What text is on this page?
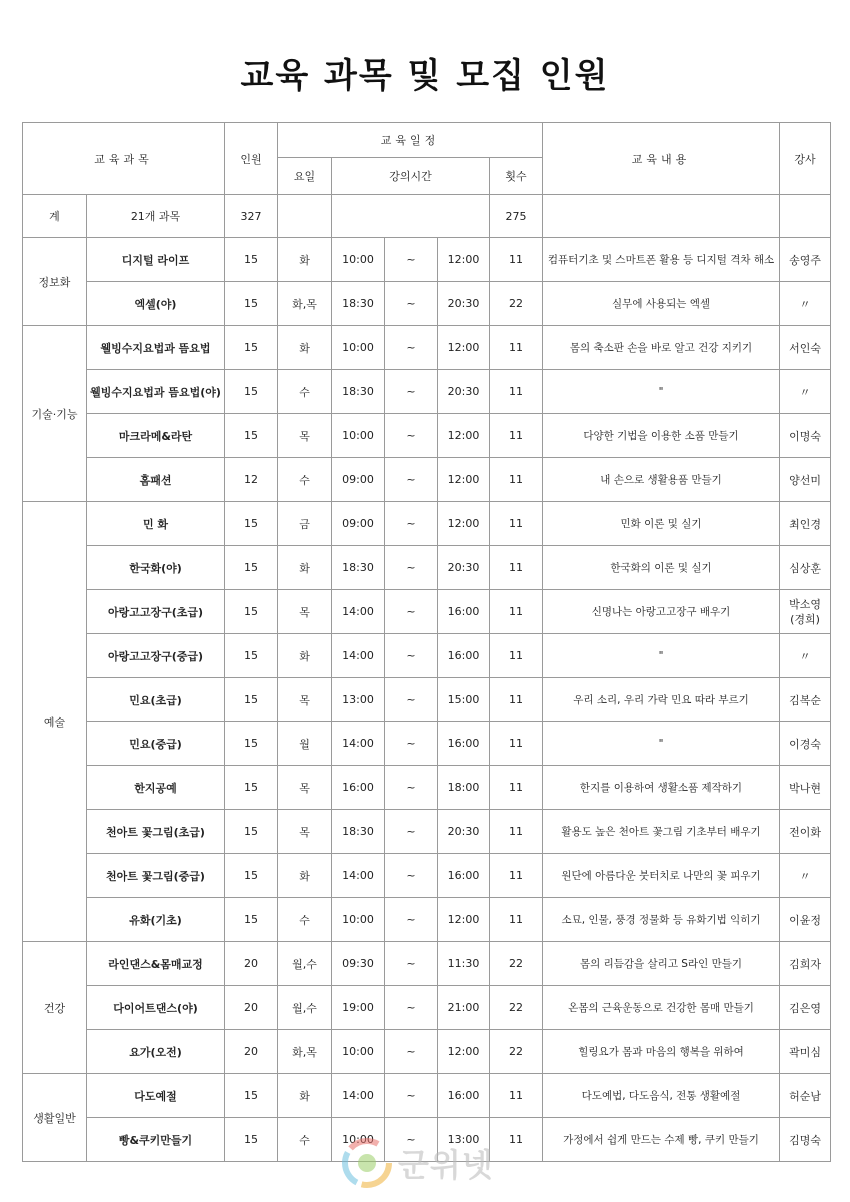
교육 과목 및 모집 인원
교육과목		인원	교육일정					교육내용	강사
			요일	강의시간			횟수		
계	21개 과목	327					275		
정보화	디지털 라이프	15	화	10:00	~	12:00	11	컴퓨터기초 및 스마트폰 활용 등 디지털 격차 해소	송영주
	엑셀(야)	15	화,목	18:30	~	20:30	22	실무에 사용되는 엑셀	〃
기술·기능	웰빙수지요법과 뜸요법	15	화	10:00	~	12:00	11	몸의 축소판 손을 바로 알고 건강 지키기	서인숙
	웰빙수지요법과 뜸요법(야)	15	수	18:30	~	20:30	11	"	〃
	마크라메&라탄	15	목	10:00	~	12:00	11	다양한 기법을 이용한 소품 만들기	이명숙
	홈패션	12	수	09:00	~	12:00	11	내 손으로 생활용품 만들기	양선미
예술	민 화	15	금	09:00	~	12:00	11	민화 이론 및 실기	최인경
	한국화(야)	15	화	18:30	~	20:30	11	한국화의 이론 및 실기	심상훈
	아랑고고장구(초급)	15	목	14:00	~	16:00	11	신명나는 아랑고고장구 배우기	박소영
(경희)
	아랑고고장구(중급)	15	화	14:00	~	16:00	11	"	〃
	민요(초급)	15	목	13:00	~	15:00	11	우리 소리, 우리 가락 민요 따라 부르기	김복순
	민요(중급)	15	월	14:00	~	16:00	11	"	이경숙
	한지공예	15	목	16:00	~	18:00	11	한지를 이용하여 생활소품 제작하기	박나현
	천아트 꽃그림(초급)	15	목	18:30	~	20:30	11	활용도 높은 천아트 꽃그림 기초부터 배우기	전이화
	천아트 꽃그림(중급)	15	화	14:00	~	16:00	11	원단에 아름다운 붓터치로 나만의 꽃 피우기	〃
	유화(기초)	15	수	10:00	~	12:00	11	소묘, 인물, 풍경 정물화 등 유화기법 익히기	이윤정
건강	라인댄스&몸매교정	20	월,수	09:30	~	11:30	22	몸의 리듬감을 살리고 S라인 만들기	김희자
	다이어트댄스(야)	20	월,수	19:00	~	21:00	22	온몸의 근육운동으로 건강한 몸매 만들기	김은영
	요가(오전)	20	화,목	10:00	~	12:00	22	힐링요가 몸과 마음의 행복을 위하여	곽미심
생활일반	다도예절	15	화	14:00	~	16:00	11	다도예법, 다도음식, 전통 생활예절	허순남
	빵&쿠키만들기	15	수	10:00	~	13:00	11	가정에서 쉽게 만드는 수제 빵, 쿠키 만들기	김명숙
군위넷
